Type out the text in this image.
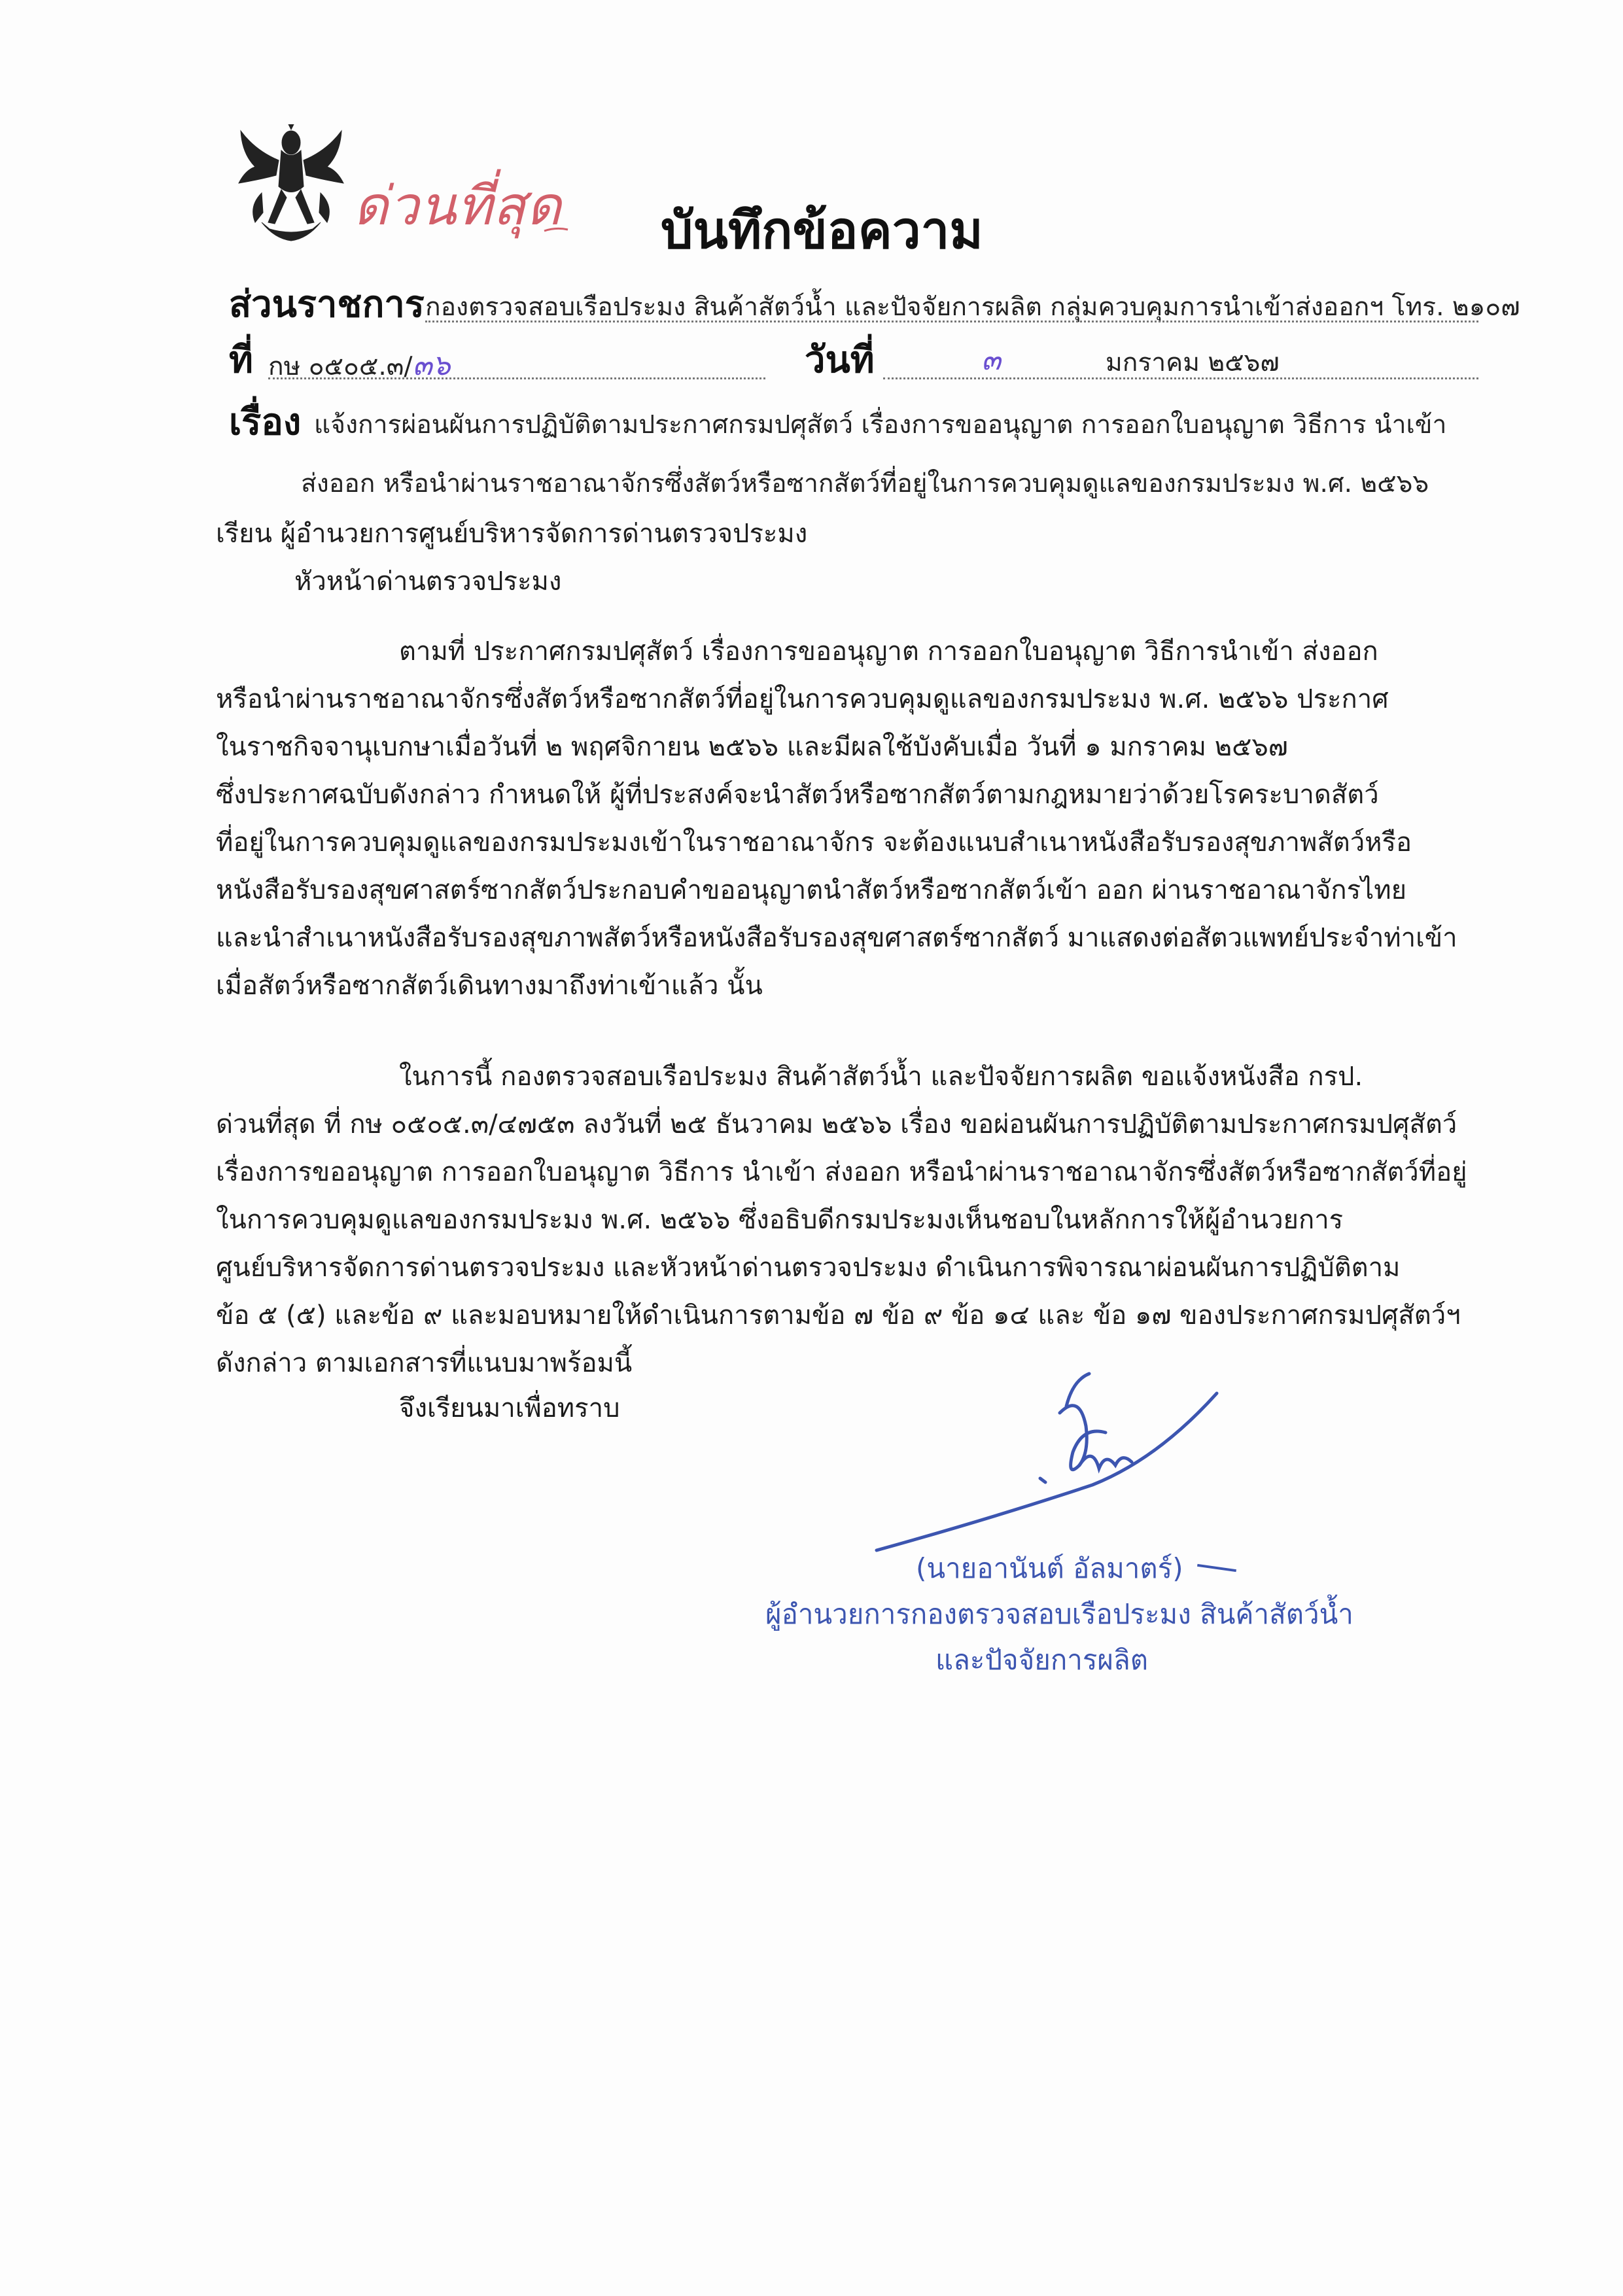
ด่วนที่สุด บันทึกข้อความ
ส่วนราชการ กองตรวจสอบเรือประมง สินค้าสัตว์น้ำ และปัจจัยการผลิต กลุ่มควบคุมการนำเข้าส่งออกฯ โทร. ๒๑๐๗
ที่ กษ ๐๕๐๕.๓/๓๖	วันที่	๓	มกราคม ๒๕๖๗
เรื่อง แจ้งการผ่อนผันการปฏิบัติตามประกาศกรมปศุสัตว์ เรื่องการขออนุญาต การออกใบอนุญาต วิธีการ นำเข้า
ส่งออก หรือนำผ่านราชอาณาจักรซึ่งสัตว์หรือซากสัตว์ที่อยู่ในการควบคุมดูแลของกรมประมง พ.ศ. ๒๕๖๖
เรียน ผู้อำนวยการศูนย์บริหารจัดการด่านตรวจประมง
หัวหน้าด่านตรวจประมง
ตามที่ ประกาศกรมปศุสัตว์ เรื่องการขออนุญาต การออกใบอนุญาต วิธีการนำเข้า ส่งออก
หรือนำผ่านราชอาณาจักรซึ่งสัตว์หรือซากสัตว์ที่อยู่ในการควบคุมดูแลของกรมประมง พ.ศ. ๒๕๖๖ ประกาศ
ในราชกิจจานุเบกษาเมื่อวันที่ ๒ พฤศจิกายน ๒๕๖๖ และมีผลใช้บังคับเมื่อ วันที่ ๑ มกราคม ๒๕๖๗
ซึ่งประกาศฉบับดังกล่าว กำหนดให้ ผู้ที่ประสงค์จะนำสัตว์หรือซากสัตว์ตามกฎหมายว่าด้วยโรคระบาดสัตว์
ที่อยู่ในการควบคุมดูแลของกรมประมงเข้าในราชอาณาจักร จะต้องแนบสำเนาหนังสือรับรองสุขภาพสัตว์หรือ
หนังสือรับรองสุขศาสตร์ซากสัตว์ประกอบคำขออนุญาตนำสัตว์หรือซากสัตว์เข้า ออก ผ่านราชอาณาจักรไทย
และนำสำเนาหนังสือรับรองสุขภาพสัตว์หรือหนังสือรับรองสุขศาสตร์ซากสัตว์ มาแสดงต่อสัตวแพทย์ประจำท่าเข้า
เมื่อสัตว์หรือซากสัตว์เดินทางมาถึงท่าเข้าแล้ว นั้น
ในการนี้ กองตรวจสอบเรือประมง สินค้าสัตว์น้ำ และปัจจัยการผลิต ขอแจ้งหนังสือ กรป.
ด่วนที่สุด ที่ กษ ๐๕๐๕.๓/๔๗๕๓ ลงวันที่ ๒๕ ธันวาคม ๒๕๖๖ เรื่อง ขอผ่อนผันการปฏิบัติตามประกาศกรมปศุสัตว์
เรื่องการขออนุญาต การออกใบอนุญาต วิธีการ นำเข้า ส่งออก หรือนำผ่านราชอาณาจักรซึ่งสัตว์หรือซากสัตว์ที่อยู่
ในการควบคุมดูแลของกรมประมง พ.ศ. ๒๕๖๖ ซึ่งอธิบดีกรมประมงเห็นชอบในหลักการให้ผู้อำนวยการ
ศูนย์บริหารจัดการด่านตรวจประมง และหัวหน้าด่านตรวจประมง ดำเนินการพิจารณาผ่อนผันการปฏิบัติตาม
ข้อ ๕ (๕) และข้อ ๙ และมอบหมายให้ดำเนินการตามข้อ ๗ ข้อ ๙ ข้อ ๑๔ และ ข้อ ๑๗ ของประกาศกรมปศุสัตว์ฯ
ดังกล่าว ตามเอกสารที่แนบมาพร้อมนี้
จึงเรียนมาเพื่อทราบ
(นายอานันต์ อัลมาตร์)
ผู้อำนวยการกองตรวจสอบเรือประมง สินค้าสัตว์น้ำ
และปัจจัยการผลิต
